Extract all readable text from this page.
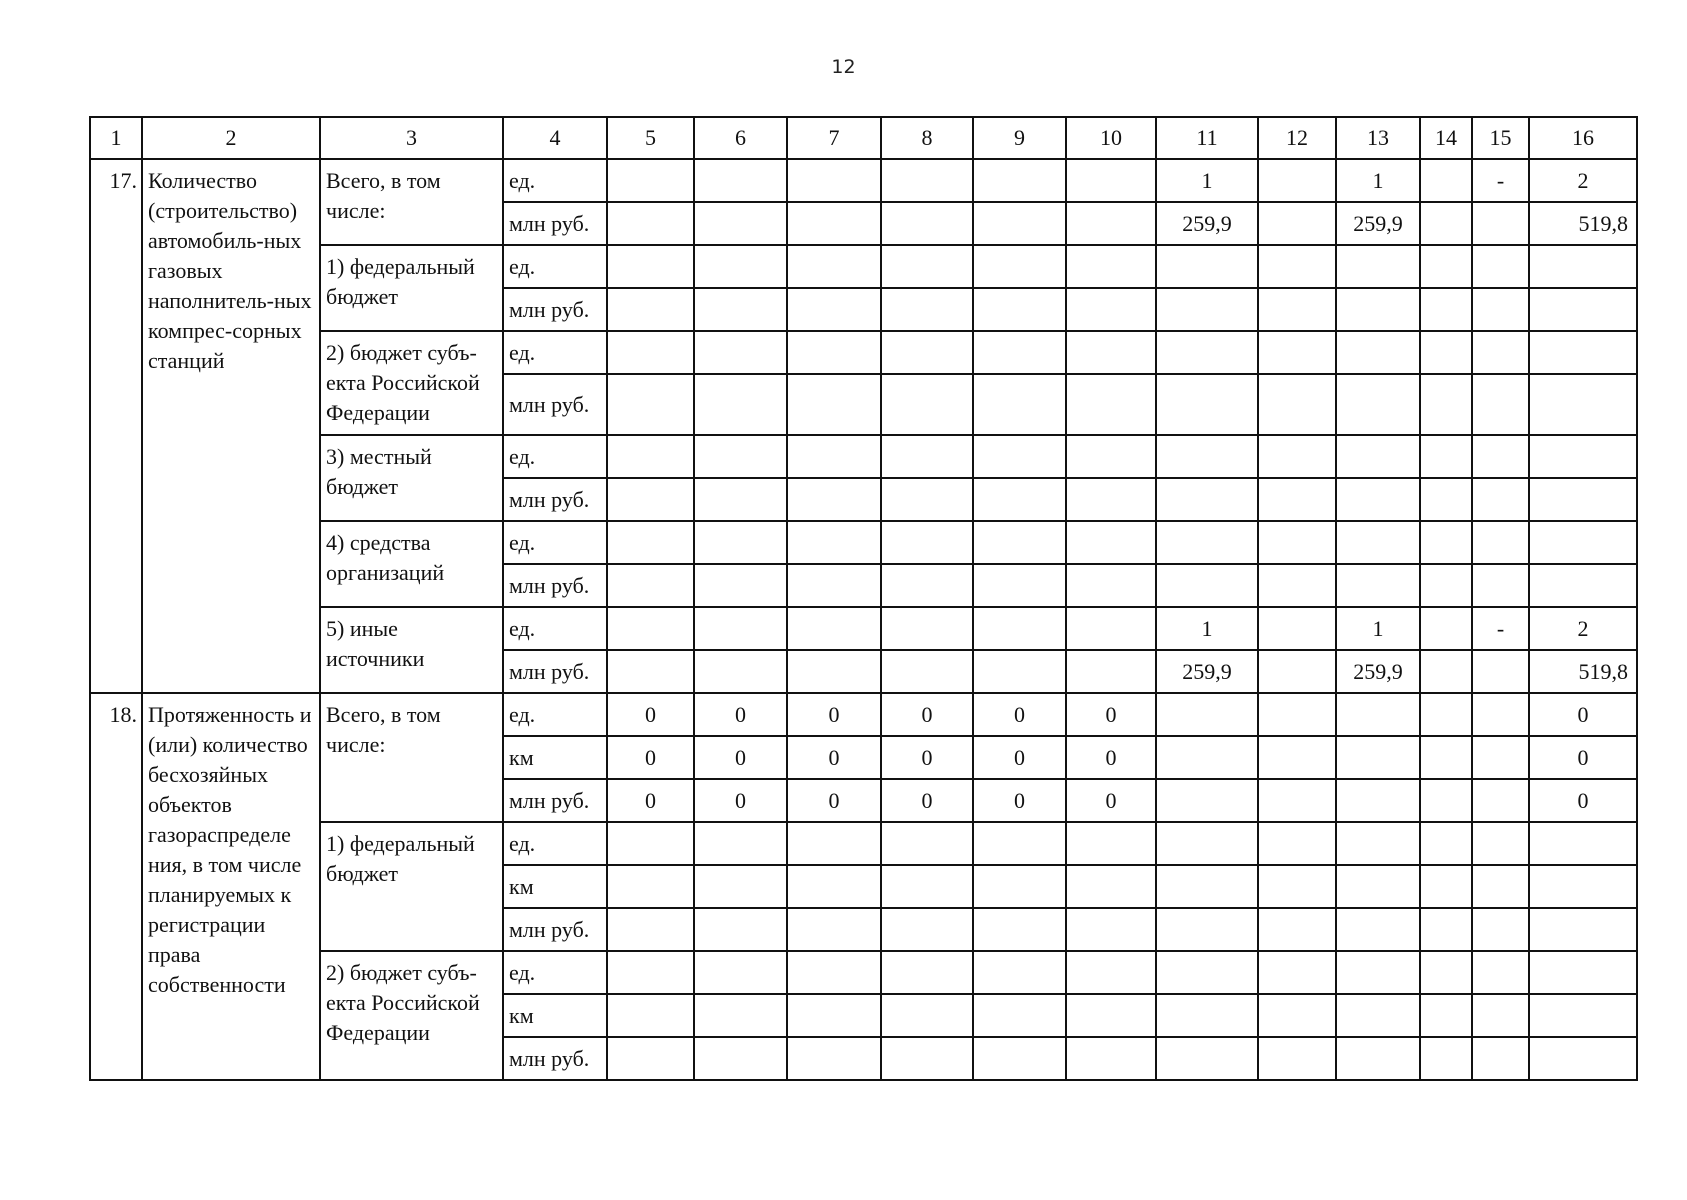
12
1	2	3	4	5	6	7	8	9	10	11	12	13	14	15	16
17.	Количество (строительство) автомобиль-ных газовых наполнитель-ных компрес-сорных станций	Всего, в том числе:	ед.							1		1		-	2
			млн руб.							259,9		259,9			519,8
		1) федеральный бюджет	ед.												
			млн руб.												
		2) бюджет субъ-екта Российской Федерации	ед.												
			млн руб.												
		3) местный бюджет	ед.												
			млн руб.												
		4) средства организаций	ед.												
			млн руб.												
		5) иные источники	ед.							1		1		-	2
			млн руб.							259,9		259,9			519,8
18.	Протяженность и (или) количество бесхозяйных объектов газораспределе ния, в том числе планируемых к регистрации права собственности	Всего, в том числе:	ед.	0	0	0	0	0	0						0
			км	0	0	0	0	0	0						0
			млн руб.	0	0	0	0	0	0						0
		1) федеральный бюджет	ед.												
			км												
			млн руб.												
		2) бюджет субъ-екта Российской Федерации	ед.												
			км												
			млн руб.												
